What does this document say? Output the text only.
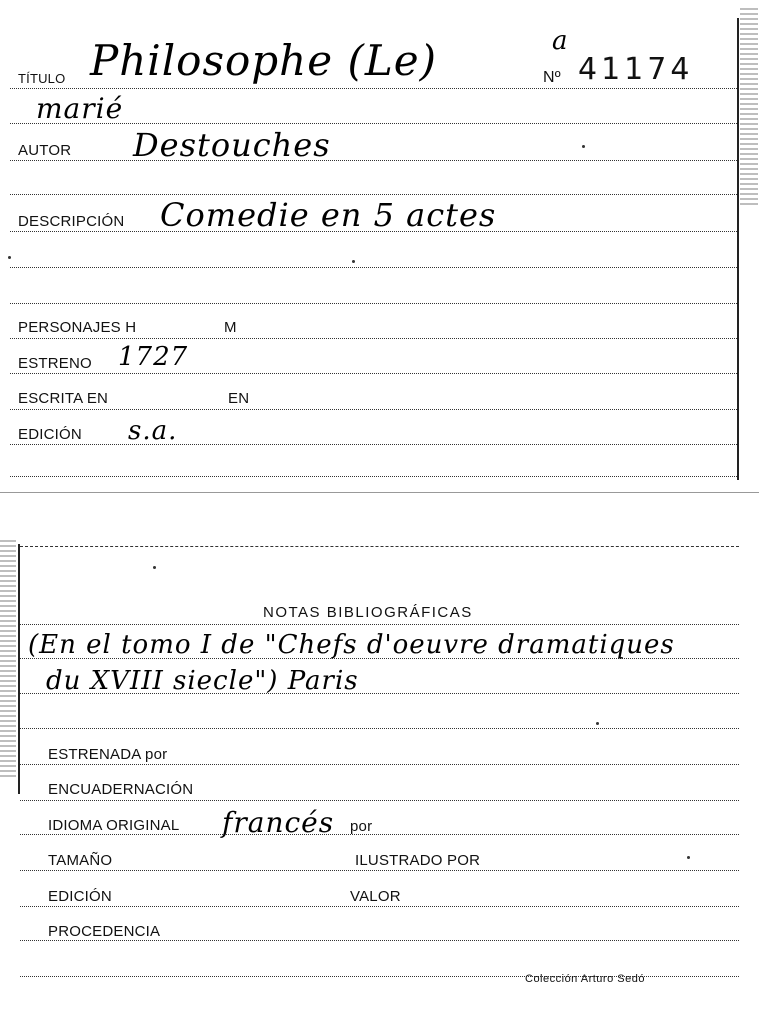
TÍTULO Philosophe (Le)	a
Nº 41174
marié
AUTOR Destouches
DESCRIPCIÓN Comedie en 5 actes
PERSONAJES H	M
ESTRENO 1727
ESCRITA EN	EN
EDICIÓN s.a.
NOTAS BIBLIOGRÁFICAS
(En el tomo I de "Chefs d'oeuvre dramatiques
du XVIII siecle") Paris
ESTRENADA por
ENCUADERNACIÓN
IDIOMA ORIGINAL francés por
TAMAÑO	ILUSTRADO POR
EDICIÓN	VALOR
PROCEDENCIA
Colección Arturo Sedó
